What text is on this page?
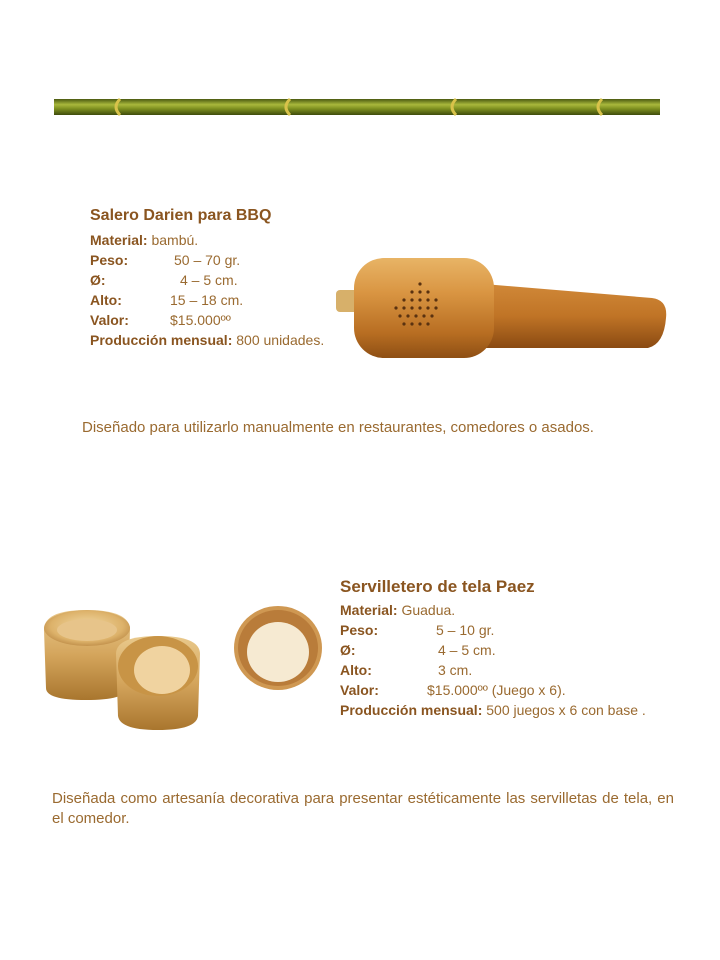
Salero Darien para BBQ
Material: bambú.
Peso:	50 – 70 gr.
Ø:	4 – 5 cm.
Alto:	15 – 18 cm.
Valor:	$15.000ºº
Producción mensual: 800 unidades.
Diseñado para utilizarlo manualmente en restaurantes, comedores o asados.
Servilletero de tela Paez
Material: Guadua.
Peso:	5 – 10 gr.
Ø:	4 – 5 cm.
Alto:	3 cm.
Valor:	$15.000ºº (Juego x 6).
Producción mensual: 500 juegos x 6 con base .
Diseñada como artesanía decorativa para presentar estéticamente las servilletas de tela, en el comedor.
